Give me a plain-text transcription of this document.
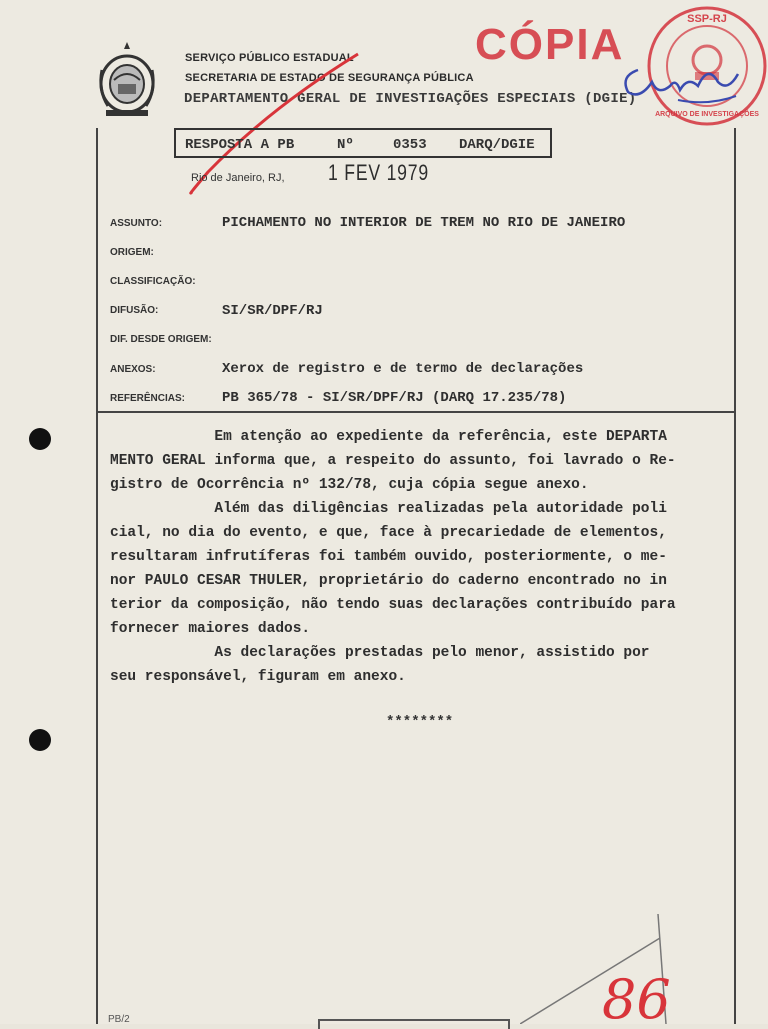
SERVIÇO PÚBLICO ESTADUAL
SECRETARIA DE ESTADO DE SEGURANÇA PÚBLICA
DEPARTAMENTO GERAL DE INVESTIGAÇÕES ESPECIAIS (DGIE)
CÓPIA
SSP-RJ
ARQUIVO DE INVESTIGAÇÕES
RESPOSTA A PB	Nº	0353 DARQ/DGIE
Rio de Janeiro, RJ, 1 FEV 1979
ASSUNTO:	PICHAMENTO NO INTERIOR DE TREM NO RIO DE JANEIRO
ORIGEM:
CLASSIFICAÇÃO:
DIFUSÃO:	SI/SR/DPF/RJ
DIF. DESDE ORIGEM:
ANEXOS:	Xerox de registro e de termo de declarações
REFERÊNCIAS:	PB 365/78 - SI/SR/DPF/RJ (DARQ 17.235/78)
Em atenção ao expediente da referência, este DEPARTA
MENTO GERAL informa que, a respeito do assunto, foi lavrado o Re-
gistro de Ocorrência nº 132/78, cuja cópia segue anexo.
Além das diligências realizadas pela autoridade poli
cial, no dia do evento, e que, face à precariedade de elementos,
resultaram infrutíferas foi também ouvido, posteriormente, o me-
nor PAULO CESAR THULER, proprietário do caderno encontrado no in
terior da composição, não tendo suas declarações contribuído para
fornecer maiores dados.
As declarações prestadas pelo menor, assistido por
seu responsável, figuram em anexo.
********
86
PB/2
